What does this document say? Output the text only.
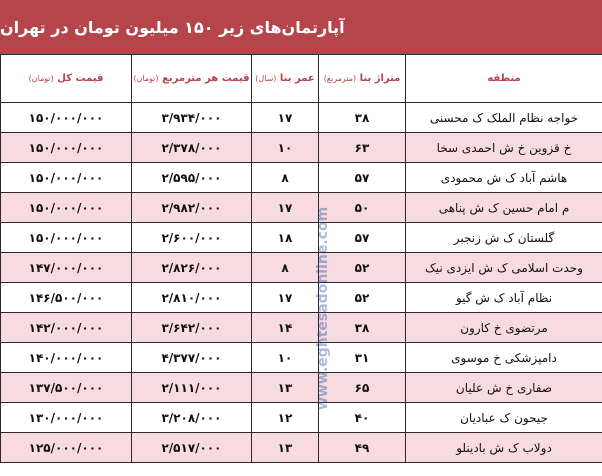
آپارتمان‌های زیر ۱۵۰ میلیون تومان در تهران
قیمت کل (تومان)	قیمت هر مترمربع (تومان)	عمر بنا (سال)	متراژ بنا (مترمربع)	منطقه
۱۵۰/۰۰۰/۰۰۰	۳/۹۳۴/۰۰۰	۱۷	۳۸	خواجه نظام الملک ک محسنی
۱۵۰/۰۰۰/۰۰۰	۲/۳۷۸/۰۰۰	۱۰	۶۳	خ قزوین خ ش احمدی سخا
۱۵۰/۰۰۰/۰۰۰	۲/۵۹۵/۰۰۰	۸	۵۷	هاشم آباد ک ش محمودی
۱۵۰/۰۰۰/۰۰۰	۲/۹۸۲/۰۰۰	۱۷	۵۰	م امام حسین ک ش پناهی
۱۵۰/۰۰۰/۰۰۰	۲/۶۰۰/۰۰۰	۱۸	۵۷	گلستان ک ش زنجبر
۱۴۷/۰۰۰/۰۰۰	۲/۸۲۶/۰۰۰	۸	۵۲	وحدت اسلامی ک ش ایزدی نیک
۱۴۶/۵۰۰/۰۰۰	۲/۸۱۰/۰۰۰	۱۷	۵۲	نظام آباد ک ش گیو
۱۴۲/۰۰۰/۰۰۰	۳/۶۴۲/۰۰۰	۱۴	۳۸	مرتضوی خ کارون
۱۴۰/۰۰۰/۰۰۰	۴/۳۷۷/۰۰۰	۱۰	۳۱	دامپزشکی خ موسوی
۱۳۷/۵۰۰/۰۰۰	۲/۱۱۱/۰۰۰	۱۳	۶۵	صفاری خ ش علیان
۱۳۰/۰۰۰/۰۰۰	۳/۲۰۸/۰۰۰	۱۲	۴۰	جیحون ک عبادیان
۱۲۵/۰۰۰/۰۰۰	۲/۵۱۷/۰۰۰	۱۳	۴۹	دولاب ک ش بادینلو
www.eghtesadonline.com
